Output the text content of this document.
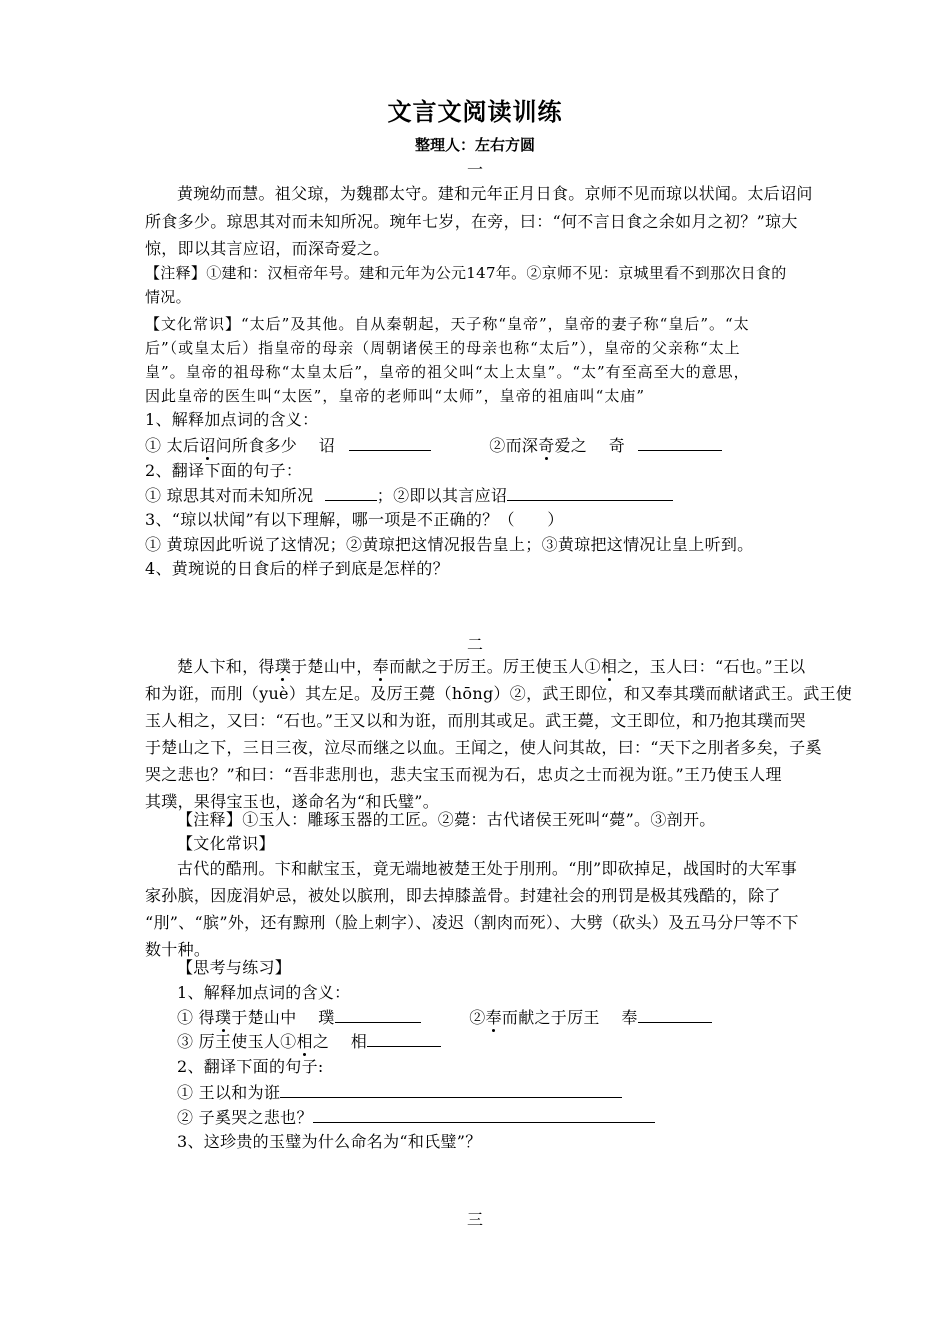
文言文阅读训练
整理人：左右方圆
一
黄琬幼而慧。祖父琼，为魏郡太守。建和元年正月日食。京师不见而琼以状闻。太后诏问
所食多少。琼思其对而未知所况。琬年七岁，在旁，曰：“何不言日食之余如月之初？”琼大
惊，即以其言应诏，而深奇爱之。
【注释】①建和：汉桓帝年号。建和元年为公元147年。②京师不见：京城里看不到那次日食的
情况。
【文化常识】“太后”及其他。自从秦朝起，天子称“皇帝”，皇帝的妻子称“皇后”。“太
后”（或皇太后）指皇帝的母亲（周朝诸侯王的母亲也称“太后”），皇帝的父亲称“太上
皇”。皇帝的祖母称“太皇太后”，皇帝的祖父叫“太上太皇”。“太”有至高至大的意思，
因此皇帝的医生叫“太医”，皇帝的老师叫“太师”，皇帝的祖庙叫“太庙”
1、解释加点词的含义：
① 太后诏问所食多少　 诏	②而深奇爱之　 奇
2、翻译下面的句子：
① 琼思其对而未知所况	；②即以其言应诏
3、“琼以状闻”有以下理解，哪一项是不正确的？（　　）
① 黄琼因此听说了这情况；②黄琼把这情况报告皇上；③黄琼把这情况让皇上听到。
4、黄琬说的日食后的样子到底是怎样的？
二
楚人卞和，得璞于楚山中，奉而献之于厉王。厉王使玉人①相之，玉人曰：“石也。”王以
和为诳，而刖（yuè）其左足。及厉王薨（hōng）②，武王即位，和又奉其璞而献诸武王。武王使
玉人相之，又曰：“石也。”王又以和为诳，而刖其或足。武王薨，文王即位，和乃抱其璞而哭
于楚山之下，三日三夜，泣尽而继之以血。王闻之，使人问其故，曰：“天下之刖者多矣，子奚
哭之悲也？”和曰：“吾非悲刖也，悲夫宝玉而视为石，忠贞之士而视为诳。”王乃使玉人理
其璞，果得宝玉也，遂命名为“和氏璧”。
【注释】①玉人：雕琢玉器的工匠。②薨：古代诸侯王死叫“薨”。③剖开。
【文化常识】
古代的酷刑。卞和献宝玉，竟无端地被楚王处于刖刑。“刖”即砍掉足，战国时的大军事
家孙膑，因庞涓妒忌，被处以膑刑，即去掉膝盖骨。封建社会的刑罚是极其残酷的，除了
“刖”、“膑”外，还有黥刑（脸上刺字）、凌迟（割肉而死）、大劈（砍头）及五马分尸等不下
数十种。
【思考与练习】
1、解释加点词的含义：
① 得璞于楚山中　 璞	②奉而献之于厉王　 奉
③ 厉王使玉人①相之　 相
2、翻译下面的句子:
① 王以和为诳
② 子奚哭之悲也？
3、这珍贵的玉璧为什么命名为“和氏璧”？
三
